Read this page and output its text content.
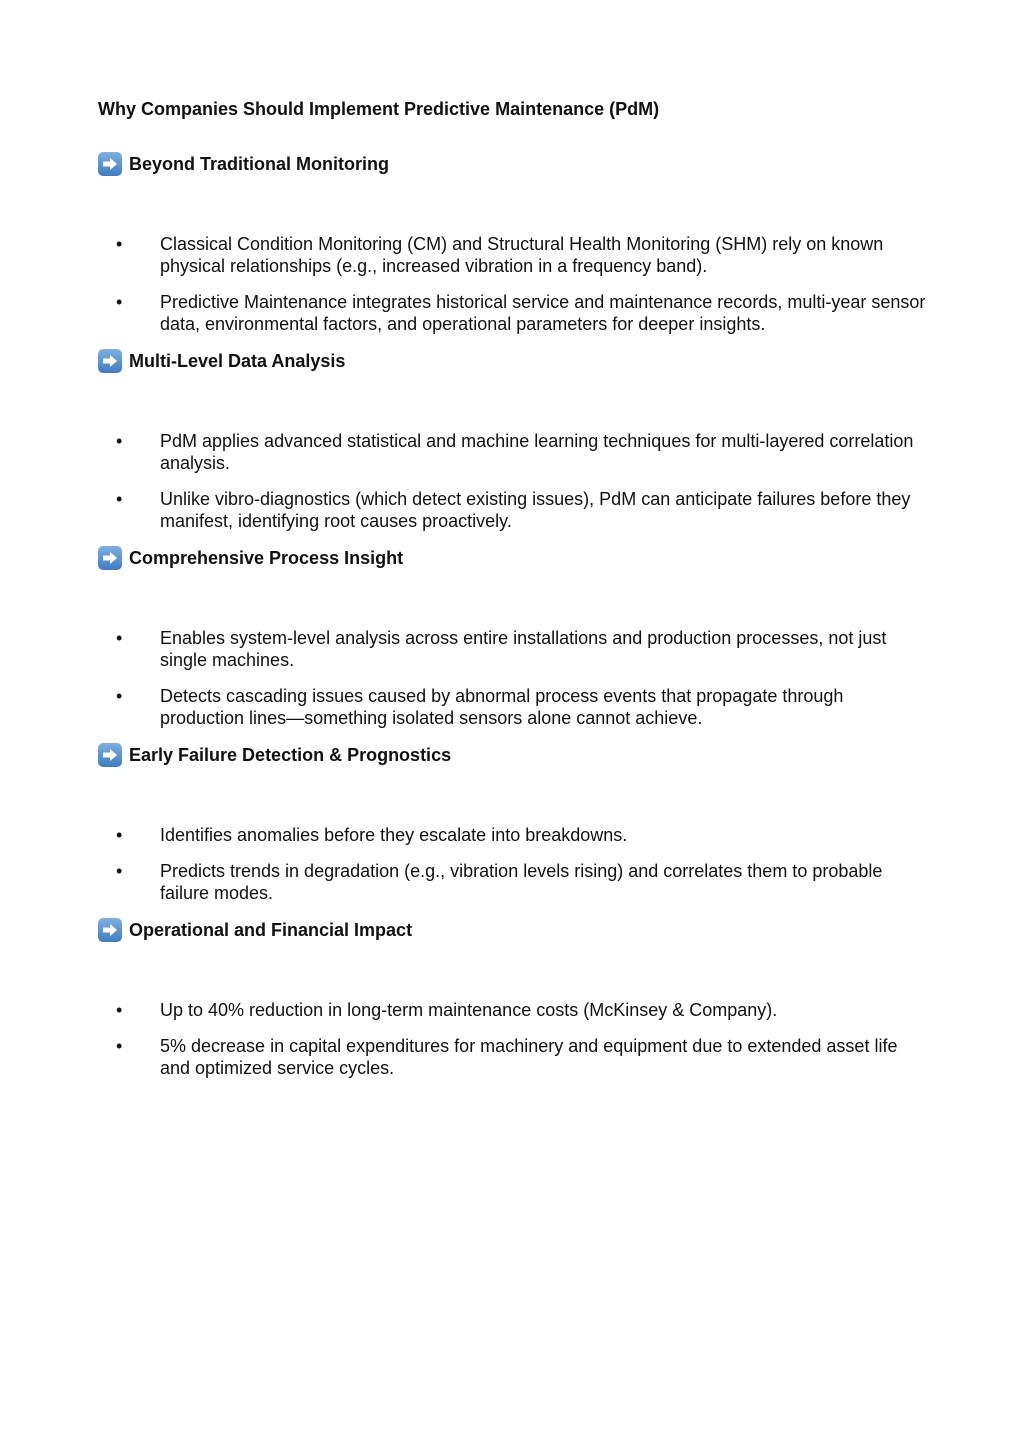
Why Companies Should Implement Predictive Maintenance (PdM)
Beyond Traditional Monitoring
• Classical Condition Monitoring (CM) and Structural Health Monitoring (SHM) rely on known physical relationships (e.g., increased vibration in a frequency band).
• Predictive Maintenance integrates historical service and maintenance records, multi-year sensor data, environmental factors, and operational parameters for deeper insights.
Multi-Level Data Analysis
• PdM applies advanced statistical and machine learning techniques for multi-layered correlation analysis.
• Unlike vibro-diagnostics (which detect existing issues), PdM can anticipate failures before they manifest, identifying root causes proactively.
Comprehensive Process Insight
• Enables system-level analysis across entire installations and production processes, not just single machines.
• Detects cascading issues caused by abnormal process events that propagate through production lines—something isolated sensors alone cannot achieve.
Early Failure Detection & Prognostics
• Identifies anomalies before they escalate into breakdowns.
• Predicts trends in degradation (e.g., vibration levels rising) and correlates them to probable failure modes.
Operational and Financial Impact
• Up to 40% reduction in long-term maintenance costs (McKinsey & Company).
• 5% decrease in capital expenditures for machinery and equipment due to extended asset life and optimized service cycles.
